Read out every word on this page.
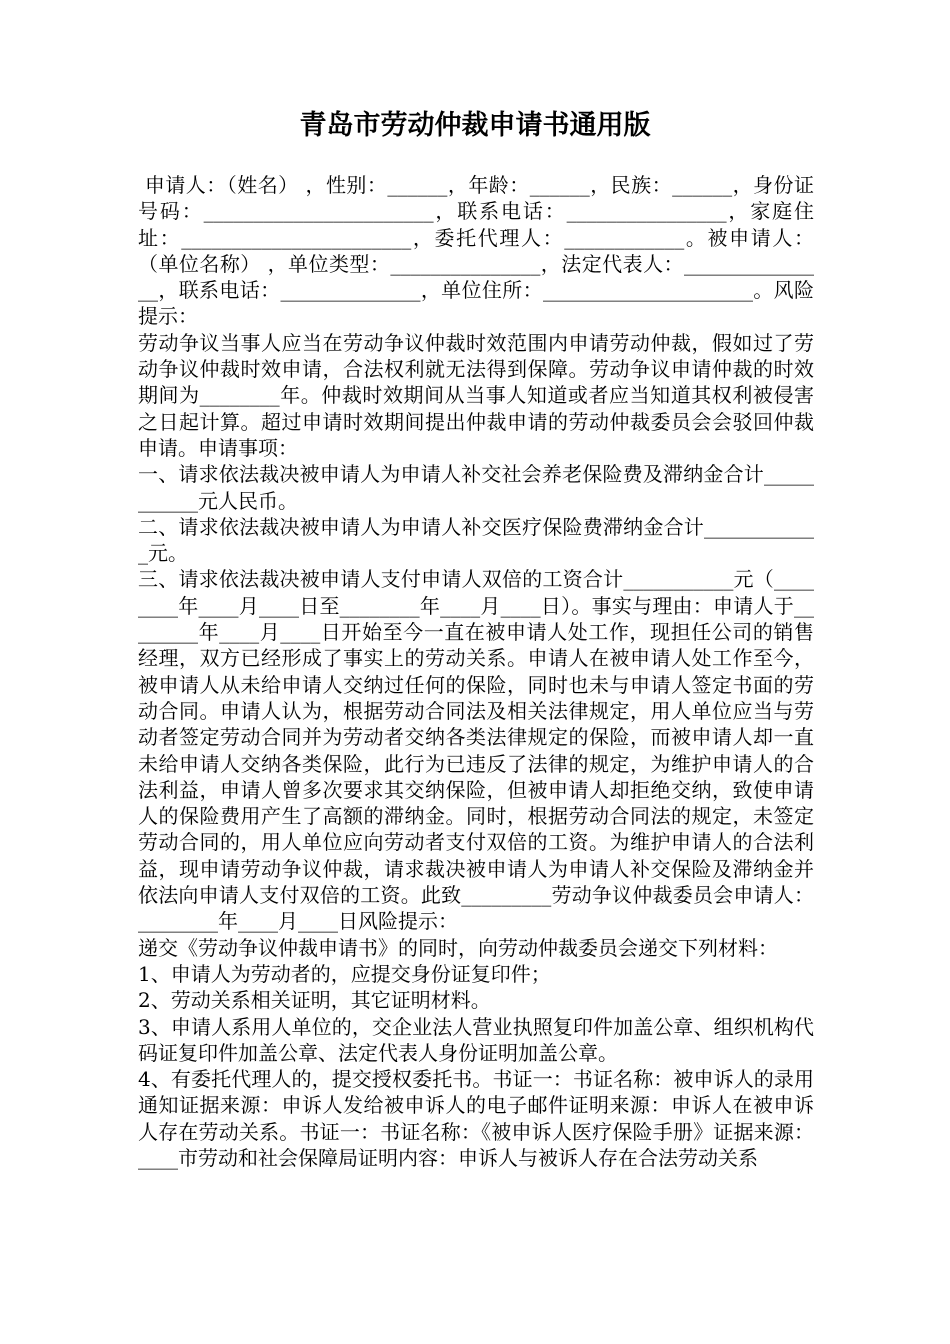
青岛市劳动仲裁申请书通用版

申请人：（姓名） ，性别：______，年龄：______，民族：______，身份证号码：_______________________，联系电话：________________，家庭住址：_______________________，委托代理人：____________。被申请人： （单位名称） ，单位类型：_______________，法定代表人：_______________，联系电话：______________，单位住所：_____________________。风险提示：

劳动争议当事人应当在劳动争议仲裁时效范围内申请劳动仲裁，假如过了劳动争议仲裁时效申请，合法权利就无法得到保障。劳动争议申请仲裁的时效期间为________年。仲裁时效期间从当事人知道或者应当知道其权利被侵害之日起计算。超过申请时效期间提出仲裁申请的劳动仲裁委员会会驳回仲裁申请。申请事项：

一、请求依法裁决被申请人为申请人补交社会养老保险费及滞纳金合计___________元人民币。

二、请求依法裁决被申请人为申请人补交医疗保险费滞纳金合计____________元。

三、请求依法裁决被申请人支付申请人双倍的工资合计___________元（________年____月____日至________年____月____日）。事实与理由：申请人于________年____月____日开始至今一直在被申请人处工作，现担任公司的销售经理，双方已经形成了事实上的劳动关系。申请人在被申请人处工作至今，被申请人从未给申请人交纳过任何的保险，同时也未与申请人签定书面的劳动合同。申请人认为，根据劳动合同法及相关法律规定，用人单位应当与劳动者签定劳动合同并为劳动者交纳各类法律规定的保险，而被申请人却一直未给申请人交纳各类保险，此行为已违反了法律的规定，为维护申请人的合法利益，申请人曾多次要求其交纳保险，但被申请人却拒绝交纳，致使申请人的保险费用产生了高额的滞纳金。同时，根据劳动合同法的规定，未签定劳动合同的，用人单位应向劳动者支付双倍的工资。为维护申请人的合法利益，现申请劳动争议仲裁，请求裁决被申请人为申请人补交保险及滞纳金并依法向申请人支付双倍的工资。此致_________劳动争议仲裁委员会申请人：________年____月____日风险提示：

递交《劳动争议仲裁申请书》的同时，向劳动仲裁委员会递交下列材料：

1、申请人为劳动者的，应提交身份证复印件；

2、劳动关系相关证明，其它证明材料。

3、申请人系用人单位的，交企业法人营业执照复印件加盖公章、组织机构代码证复印件加盖公章、法定代表人身份证明加盖公章。

4、有委托代理人的，提交授权委托书。书证一：书证名称：被申诉人的录用通知证据来源：申诉人发给被申诉人的电子邮件证明来源：申诉人在被申诉人存在劳动关系。书证一：书证名称：《被申诉人医疗保险手册》证据来源：____市劳动和社会保障局证明内容：申诉人与被诉人存在合法劳动关系
